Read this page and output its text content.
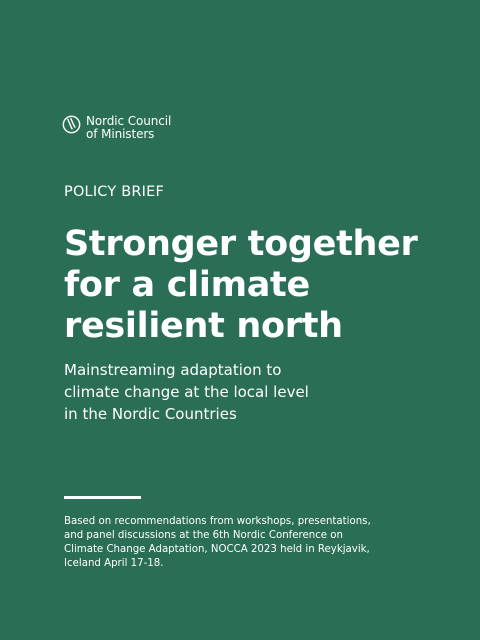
Nordic Council
of Ministers
POLICY BRIEF
Stronger together
for a climate
resilient north

Mainstreaming adaptation to
climate change at the local level
in the Nordic Countries

Based on recommendations from workshops, presentations,
and panel discussions at the 6th Nordic Conference on
Climate Change Adaptation, NOCCA 2023 held in Reykjavik,
Iceland April 17-18.
